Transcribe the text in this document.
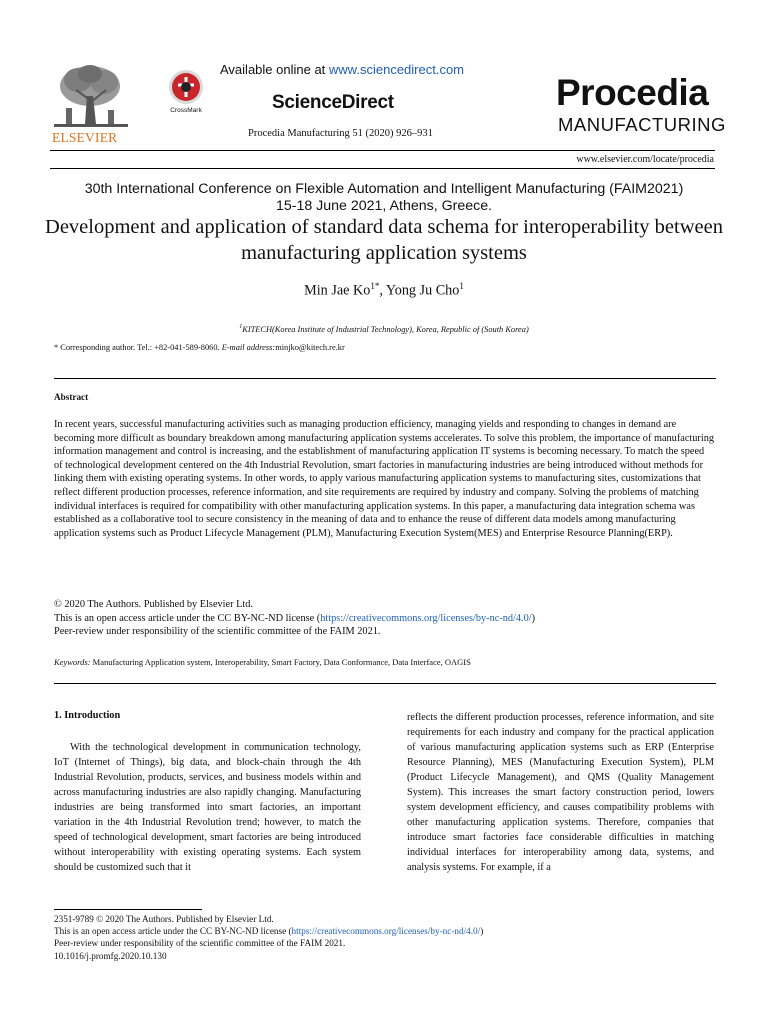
ELSEVIER
CrossMark
Available online at www.sciencedirect.com
ScienceDirect
Procedia Manufacturing 51 (2020) 926–931
Procedia
MANUFACTURING
www.elsevier.com/locate/procedia
30th International Conference on Flexible Automation and Intelligent Manufacturing (FAIM2021)
15-18 June 2021, Athens, Greece.
Development and application of standard data schema for interoperability between manufacturing application systems
Min Jae $Ko^{1*}$, Yong Ju Cho$^1$
$^1$KITECH(Korea Institute of Industrial Technology), Korea, Republic of (South Korea)
* Corresponding author. Tel.: +82-041-589-8060. E-mail address:minjko@kitech.re.kr
Abstract
In recent years, successful manufacturing activities such as managing production efficiency, managing yields and responding to changes in demand are becoming more difficult as boundary breakdown among manufacturing application systems accelerates. To solve this problem, the importance of manufacturing information management and control is increasing, and the establishment of manufacturing application IT systems is becoming necessary. To match the speed of technological development centered on the 4th Industrial Revolution, smart factories in manufacturing industries are being introduced without methods for linking them with existing operating systems. In other words, to apply various manufacturing application systems to manufacturing sites, customizations that reflect different production processes, reference information, and site requirements are required by industry and company. Solving the problems of matching individual interfaces is required for compatibility with other manufacturing application systems. In this paper, a manufacturing data integration schema was established as a collaborative tool to secure consistency in the meaning of data and to enhance the reuse of different data models among manufacturing application systems such as Product Lifecycle Management (PLM), Manufacturing Execution System(MES) and Enterprise Resource Planning(ERP).
© 2020 The Authors. Published by Elsevier Ltd.
This is an open access article under the CC BY-NC-ND license (https://creativecommons.org/licenses/by-nc-nd/4.0/)
Peer-review under responsibility of the scientific committee of the FAIM 2021.
Keywords: Manufacturing Application system, Interoperability, Smart Factory, Data Conformance, Data Interface, OAGIS
1. Introduction
With the technological development in communication technology, IoT (Internet of Things), big data, and block-chain through the 4th Industrial Revolution, products, services, and business models within and across manufacturing industries are also rapidly changing. Manufacturing industries are being transformed into smart factories, an important variation in the 4th Industrial Revolution trend; however, to match the speed of technological development, smart factories are being introduced without interoperability with existing operating systems. Each system should be customized such that it
reflects the different production processes, reference information, and site requirements for each industry and company for the practical application of various manufacturing application systems such as ERP (Enterprise Resource Planning), MES (Manufacturing Execution System), PLM (Product Lifecycle Management), and QMS (Quality Management System). This increases the smart factory construction period, lowers system development efficiency, and causes compatibility problems with other manufacturing application systems. Therefore, companies that introduce smart factories face considerable difficulties in matching individual interfaces for interoperability among data, systems, and analysis systems. For example, if a
2351-9789 © 2020 The Authors. Published by Elsevier Ltd.
This is an open access article under the CC BY-NC-ND license (https://creativecommons.org/licenses/by-nc-nd/4.0/)
Peer-review under responsibility of the scientific committee of the FAIM 2021.
10.1016/j.promfg.2020.10.130
